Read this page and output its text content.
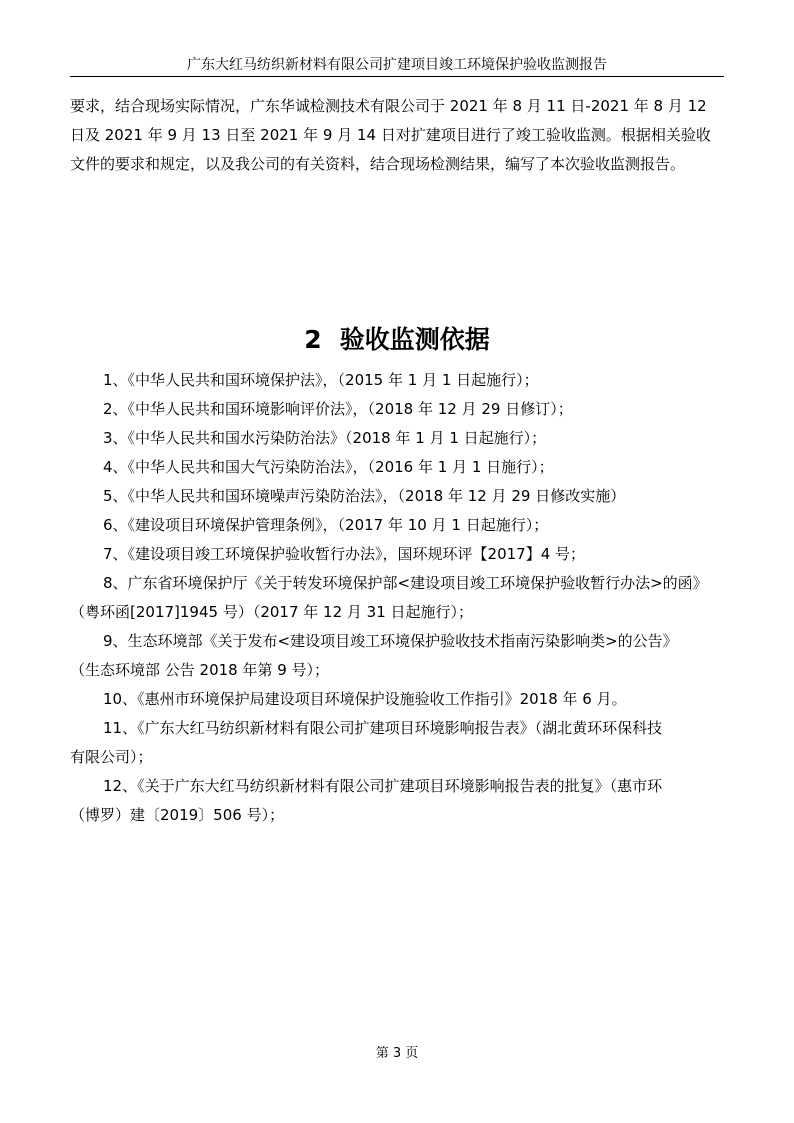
广东大红马纺织新材料有限公司扩建项目竣工环境保护验收监测报告
要求，结合现场实际情况，广东华诚检测技术有限公司于 2021 年 8 月 11 日-2021 年 8 月 12
日及 2021 年 9 月 13 日至 2021 年 9 月 14 日对扩建项目进行了竣工验收监测。根据相关验收
文件的要求和规定，以及我公司的有关资料，结合现场检测结果，编写了本次验收监测报告。
2 验收监测依据
1、《中华人民共和国环境保护法》，（2015 年 1 月 1 日起施行）；
2、《中华人民共和国环境影响评价法》，（2018 年 12 月 29 日修订）；
3、《中华人民共和国水污染防治法》（2018 年 1 月 1 日起施行）；
4、《中华人民共和国大气污染防治法》，（2016 年 1 月 1 日施行）；
5、《中华人民共和国环境噪声污染防治法》，（2018 年 12 月 29 日修改实施）
6、《建设项目环境保护管理条例》，（2017 年 10 月 1 日起施行）；
7、《建设项目竣工环境保护验收暂行办法》，国环规环评【2017】4 号；
8、广东省环境保护厅《关于转发环境保护部<建设项目竣工环境保护验收暂行办法>的函》
（粤环函[2017]1945 号）（2017 年 12 月 31 日起施行）；
9、生态环境部《关于发布<建设项目竣工环境保护验收技术指南污染影响类>的公告》
（生态环境部 公告 2018 年第 9 号）；
10、《惠州市环境保护局建设项目环境保护设施验收工作指引》2018 年 6 月。
11、《广东大红马纺织新材料有限公司扩建项目环境影响报告表》（湖北黄环环保科技
有限公司）；
12、《关于广东大红马纺织新材料有限公司扩建项目环境影响报告表的批复》（惠市环
（博罗）建〔2019〕506 号）；
第 3 页
